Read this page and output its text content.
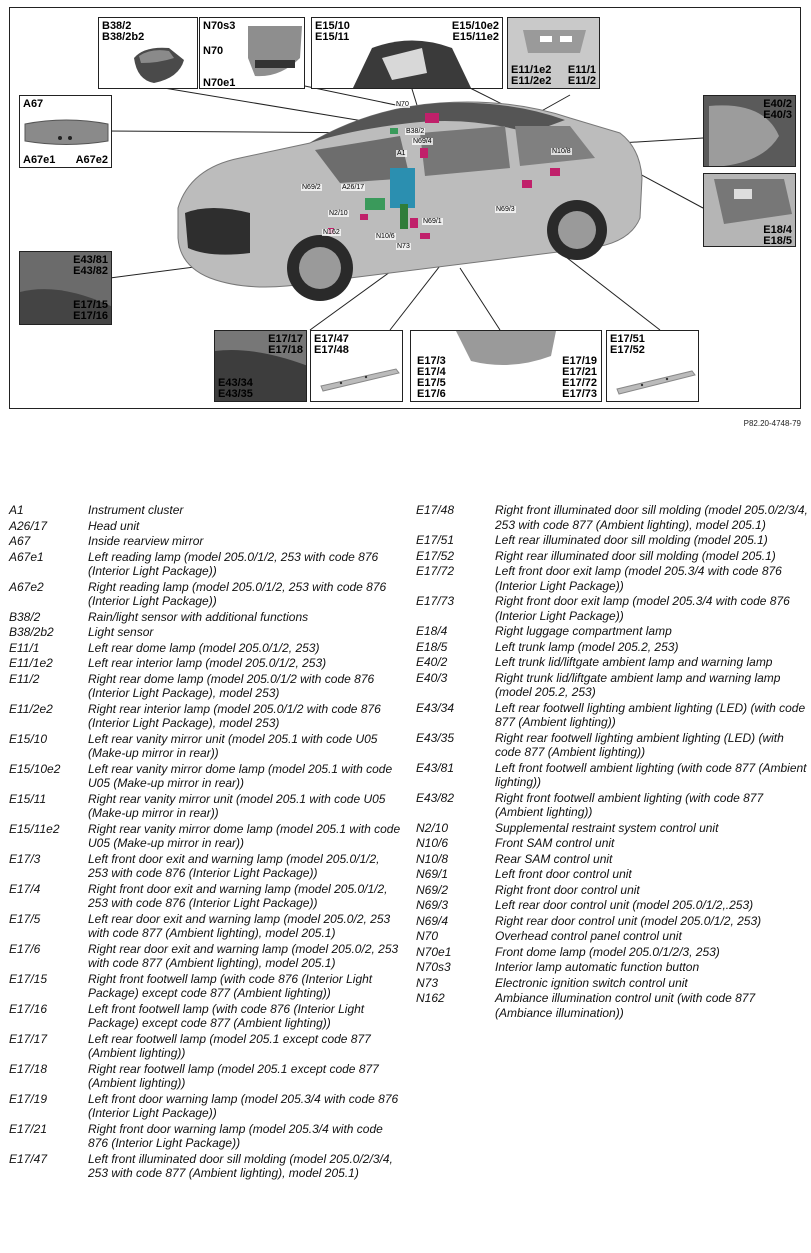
N70
B38/2
N69/4
A1	N10/8
N69/2	A26/17
N2/10
N162
N10/6
N73
N69/1
N69/3
B38/2
B38/2b2
N70s3
N70
N70e1
E15/10
E15/11
E15/10e2
E15/11e2
E11/1e2
E11/2e2
E11/1
E11/2
A67
A67e1 A67e2
E40/2
E40/3
E18/4
E18/5
E43/81
E43/82
E17/15
E17/16
E17/17
E17/18
E43/34
E43/35
E17/47
E17/48
E17/3
E17/4
E17/5
E17/6
E17/19
E17/21
E17/72
E17/73
E17/51
E17/52
P82.20-4748-79
A1	Instrument cluster
A26/17	Head unit
A67	Inside rearview mirror
A67e1	Left reading lamp (model 205.0/1/2, 253 with code 876 (Interior Light Package))
A67e2	Right reading lamp (model 205.0/1/2, 253 with code 876 (Interior Light Package))
B38/2	Rain/light sensor with additional functions
B38/2b2	Light sensor
E11/1	Left rear dome lamp (model 205.0/1/2, 253)
E11/1e2	Left rear interior lamp (model 205.0/1/2, 253)
E11/2	Right rear dome lamp (model 205.0/1/2 with code 876 (Interior Light Package), model 253)
E11/2e2	Right rear interior lamp (model 205.0/1/2 with code 876 (Interior Light Package), model 253)
E15/10	Left rear vanity mirror unit (model 205.1 with code U05 (Make-up mirror in rear))
E15/10e2	Left rear vanity mirror dome lamp (model 205.1 with code U05 (Make-up mirror in rear))
E15/11	Right rear vanity mirror unit (model 205.1 with code U05 (Make-up mirror in rear))
E15/11e2	Right rear vanity mirror dome lamp (model 205.1 with code U05 (Make-up mirror in rear))
E17/3	Left front door exit and warning lamp (model 205.0/1/2, 253 with code 876 (Interior Light Package))
E17/4	Right front door exit and warning lamp (model 205.0/1/2, 253 with code 876 (Interior Light Package))
E17/5	Left rear door exit and warning lamp (model 205.0/2, 253 with code 877 (Ambient lighting), model 205.1)
E17/6	Right rear door exit and warning lamp (model 205.0/2, 253 with code 877 (Ambient lighting), model 205.1)
E17/15	Right front footwell lamp (with code 876 (Interior Light Package) except code 877 (Ambient lighting))
E17/16	Left front footwell lamp (with code 876 (Interior Light Package) except code 877 (Ambient lighting))
E17/17	Left rear footwell lamp (model 205.1 except code 877 (Ambient lighting))
E17/18	Right rear footwell lamp (model 205.1 except code 877 (Ambient lighting))
E17/19	Left front door warning lamp (model 205.3/4 with code 876 (Interior Light Package))
E17/21	Right front door warning lamp (model 205.3/4 with code 876 (Interior Light Package))
E17/47	Left front illuminated door sill molding (model 205.0/2/3/4, 253 with code 877 (Ambient lighting), model 205.1)
E17/48	Right front illuminated door sill molding (model 205.0/2/3/4, 253 with code 877 (Ambient lighting), model 205.1)
E17/51	Left rear illuminated door sill molding (model 205.1)
E17/52	Right rear illuminated door sill molding (model 205.1)
E17/72	Left front door exit lamp (model 205.3/4 with code 876 (Interior Light Package))
E17/73	Right front door exit lamp (model 205.3/4 with code 876 (Interior Light Package))
E18/4	Right luggage compartment lamp
E18/5	Left trunk lamp (model 205.2, 253)
E40/2	Left trunk lid/liftgate ambient lamp and warning lamp
E40/3	Right trunk lid/liftgate ambient lamp and warning lamp (model 205.2, 253)
E43/34	Left rear footwell lighting ambient lighting (LED) (with code 877 (Ambient lighting))
E43/35	Right rear footwell lighting ambient lighting (LED) (with code 877 (Ambient lighting))
E43/81	Left front footwell ambient lighting (with code 877 (Ambient lighting))
E43/82	Right front footwell ambient lighting (with code 877 (Ambient lighting))
N2/10	Supplemental restraint system control unit
N10/6	Front SAM control unit
N10/8	Rear SAM control unit
N69/1	Left front door control unit
N69/2	Right front door control unit
N69/3	Left rear door control unit (model 205.0/1/2,.253)
N69/4	Right rear door control unit (model 205.0/1/2, 253)
N70	Overhead control panel control unit
N70e1	Front dome lamp (model 205.0/1/2/3, 253)
N70s3	Interior lamp automatic function button
N73	Electronic ignition switch control unit
N162	Ambiance illumination control unit (with code 877 (Ambiance illumination))
